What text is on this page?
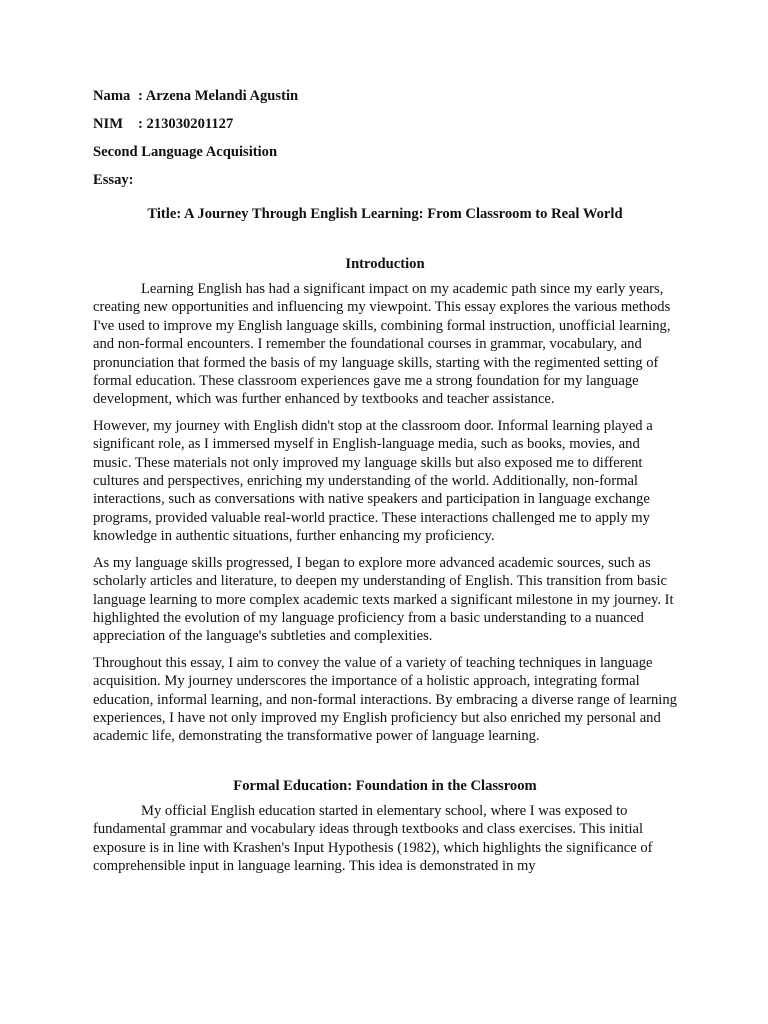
Nama : Arzena Melandi Agustin
NIM : 213030201127
Second Language Acquisition
Essay:
Title: A Journey Through English Learning: From Classroom to Real World
Introduction

Learning English has had a significant impact on my academic path since my early years, creating new opportunities and influencing my viewpoint. This essay explores the various methods I've used to improve my English language skills, combining formal instruction, unofficial learning, and non-formal encounters. I remember the foundational courses in grammar, vocabulary, and pronunciation that formed the basis of my language skills, starting with the regimented setting of formal education. These classroom experiences gave me a strong foundation for my language development, which was further enhanced by textbooks and teacher assistance.

However, my journey with English didn't stop at the classroom door. Informal learning played a significant role, as I immersed myself in English-language media, such as books, movies, and music. These materials not only improved my language skills but also exposed me to different cultures and perspectives, enriching my understanding of the world. Additionally, non-formal interactions, such as conversations with native speakers and participation in language exchange programs, provided valuable real-world practice. These interactions challenged me to apply my knowledge in authentic situations, further enhancing my proficiency.

As my language skills progressed, I began to explore more advanced academic sources, such as scholarly articles and literature, to deepen my understanding of English. This transition from basic language learning to more complex academic texts marked a significant milestone in my journey. It highlighted the evolution of my language proficiency from a basic understanding to a nuanced appreciation of the language's subtleties and complexities.

Throughout this essay, I aim to convey the value of a variety of teaching techniques in language acquisition. My journey underscores the importance of a holistic approach, integrating formal education, informal learning, and non-formal interactions. By embracing a diverse range of learning experiences, I have not only improved my English proficiency but also enriched my personal and academic life, demonstrating the transformative power of language learning.

Formal Education: Foundation in the Classroom

My official English education started in elementary school, where I was exposed to fundamental grammar and vocabulary ideas through textbooks and class exercises. This initial exposure is in line with Krashen's Input Hypothesis (1982), which highlights the significance of comprehensible input in language learning. This idea is demonstrated in my
